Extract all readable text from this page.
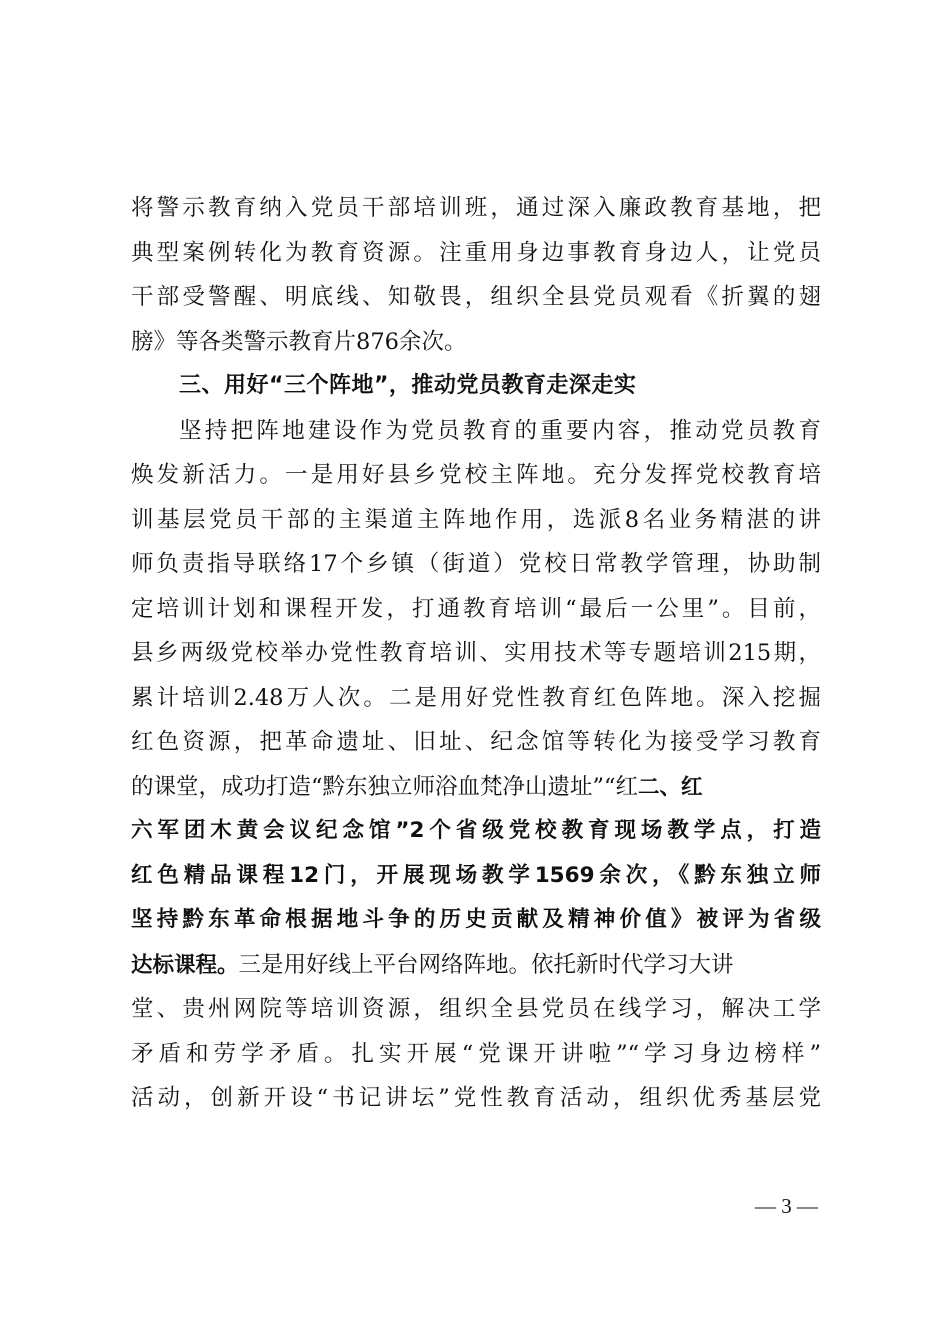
将警示教育纳入党员干部培训班，通过深入廉政教育基地，把
典型案例转化为教育资源。注重用身边事教育身边人，让党员
干部受警醒、明底线、知敬畏，组织全县党员观看《折翼的翅
膀》等各类警示教育片876余次。
三、用好“三个阵地”，推动党员教育走深走实
坚持把阵地建设作为党员教育的重要内容，推动党员教育
焕发新活力。一是用好县乡党校主阵地。充分发挥党校教育培
训基层党员干部的主渠道主阵地作用，选派8名业务精湛的讲
师负责指导联络17个乡镇（街道）党校日常教学管理，协助制
定培训计划和课程开发，打通教育培训“最后一公里”。目前，
县乡两级党校举办党性教育培训、实用技术等专题培训215期，
累计培训2.48万人次。二是用好党性教育红色阵地。深入挖掘
红色资源，把革命遗址、旧址、纪念馆等转化为接受学习教育
的课堂，成功打造“黔东独立师浴血梵净山遗址”“红二、红
六军团木黄会议纪念馆”2个省级党校教育现场教学点，打造
红色精品课程12门，开展现场教学1569余次，《黔东独立师
坚持黔东革命根据地斗争的历史贡献及精神价值》被评为省级
达标课程。三是用好线上平台网络阵地。依托新时代学习大讲
堂、贵州网院等培训资源，组织全县党员在线学习，解决工学
矛盾和劳学矛盾。扎实开展“党课开讲啦”“学习身边榜样”
活动，创新开设“书记讲坛”党性教育活动，组织优秀基层党
— 3 —
